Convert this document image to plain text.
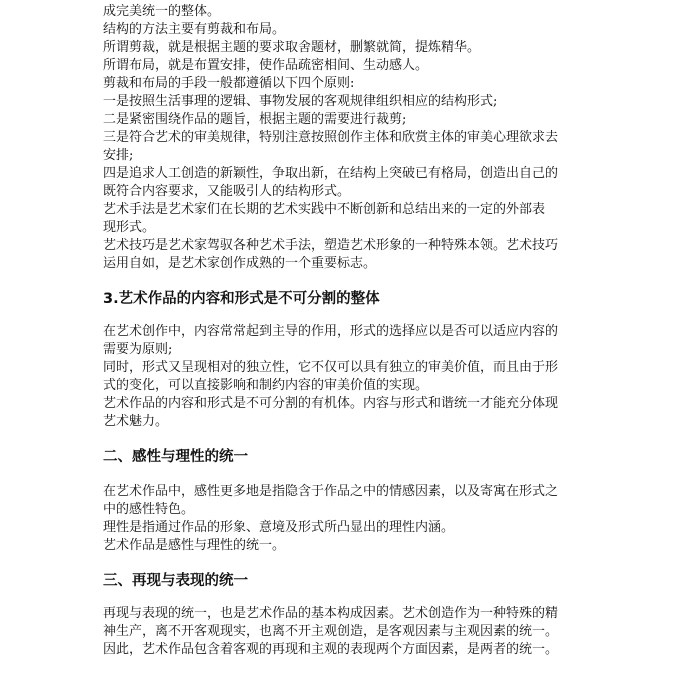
成完美统一的整体。

结构的方法主要有剪裁和布局。

所谓剪裁，就是根据主题的要求取舍题材，删繁就简，提炼精华。

所谓布局，就是布置安排，使作品疏密相间、生动感人。

剪裁和布局的手段一般都遵循以下四个原则:

一是按照生活事理的逻辑、事物发展的客观规律组织相应的结构形式;

二是紧密围绕作品的题旨，根据主题的需要进行裁剪;

三是符合艺术的审美规律，特别注意按照创作主体和欣赏主体的审美心理欲求去

安排;

四是追求人工创造的新颖性，争取出新，在结构上突破已有格局，创造出自己的

既符合内容要求，又能吸引人的结构形式。

艺术手法是艺术家们在长期的艺术实践中不断创新和总结出来的一定的外部表

现形式。

艺术技巧是艺术家驾驭各种艺术手法，塑造艺术形象的一种特殊本领。艺术技巧

运用自如，是艺术家创作成熟的一个重要标志。

3.艺术作品的内容和形式是不可分割的整体

在艺术创作中，内容常常起到主导的作用，形式的选择应以是否可以适应内容的

需要为原则;

同时，形式又呈现相对的独立性，它不仅可以具有独立的审美价值，而且由于形

式的变化，可以直接影响和制约内容的审美价值的实现。

艺术作品的内容和形式是不可分割的有机体。内容与形式和谐统一才能充分体现

艺术魅力。

二、感性与理性的统一

在艺术作品中，感性更多地是指隐含于作品之中的情感因素，以及寄寓在形式之

中的感性特色。

理性是指通过作品的形象、意境及形式所凸显出的理性内涵。

艺术作品是感性与理性的统一。

三、再现与表现的统一

再现与表现的统一，也是艺术作品的基本构成因素。艺术创造作为一种特殊的精

神生产，离不开客观现实，也离不开主观创造，是客观因素与主观因素的统一。

因此，艺术作品包含着客观的再现和主观的表现两个方面因素，是两者的统一。
